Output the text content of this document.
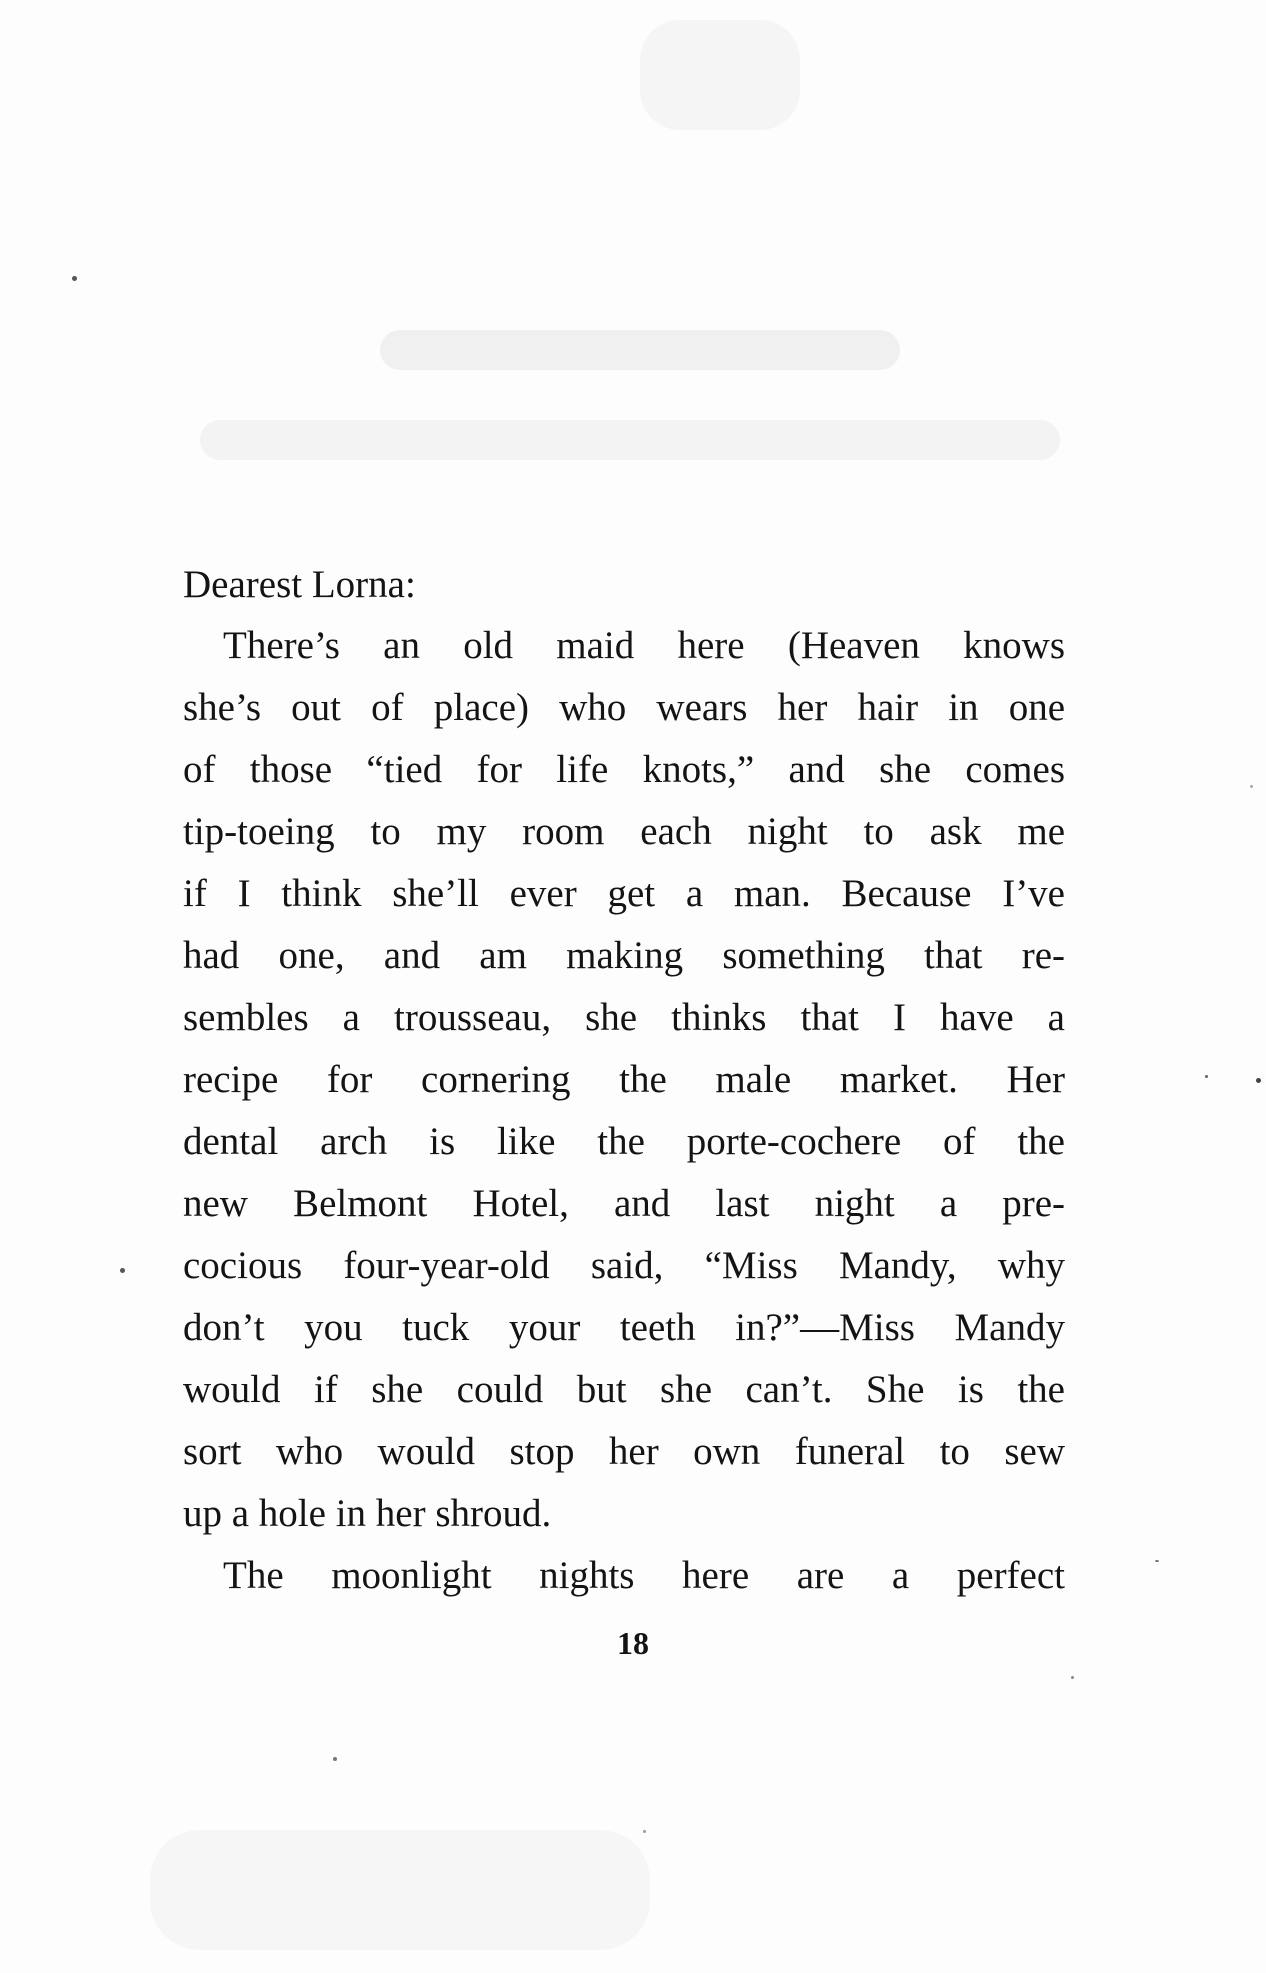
Dearest Lorna:

There’s an old maid here (Heaven knows

she’s out of place) who wears her hair in one

of those “tied for life knots,” and she comes

tip-toeing to my room each night to ask me

if I think she’ll ever get a man. Because I’ve

had one, and am making something that re-

sembles a trousseau, she thinks that I have a

recipe for cornering the male market. Her

dental arch is like the porte-cochere of the

new Belmont Hotel, and last night a pre-

cocious four-year-old said, “Miss Mandy, why

don’t you tuck your teeth in?”—Miss Mandy

would if she could but she can’t. She is the

sort who would stop her own funeral to sew

up a hole in her shroud.

The moonlight nights here are a perfect

18
